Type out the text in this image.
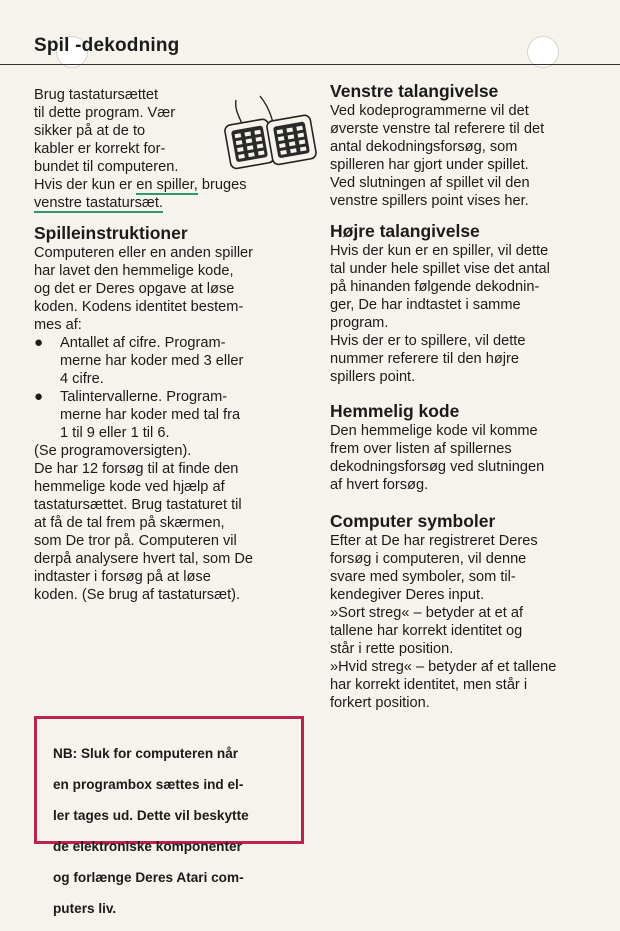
Spil -dekodning

Brug tastatursættet

til dette program. Vær

sikker på at de to

kabler er korrekt for-

bundet til computeren.

Hvis der kun er en spiller, bruges

venstre tastatursæt.

Spilleinstruktioner

Computeren eller en anden spiller

har lavet den hemmelige kode,

og det er Deres opgave at løse

koden. Kodens identitet bestem-

mes af:

●	Antallet af cifre. Program-

merne har koder med 3 eller

4 cifre.

●	Talintervallerne. Program-

merne har koder med tal fra

1 til 9 eller 1 til 6.

(Se programoversigten).

De har 12 forsøg til at finde den

hemmelige kode ved hjælp af

tastatursættet. Brug tastaturet til

at få de tal frem på skærmen,

som De tror på. Computeren vil

derpå analysere hvert tal, som De

indtaster i forsøg på at løse

koden. (Se brug af tastatursæt).

NB: Sluk for computeren når

en programbox sættes ind el-

ler tages ud. Dette vil beskytte

de elektroniske komponenter

og forlænge Deres Atari com-

puters liv.

Venstre talangivelse

Ved kodeprogrammerne vil det

øverste venstre tal referere til det

antal dekodningsforsøg, som

spilleren har gjort under spillet.

Ved slutningen af spillet vil den

venstre spillers point vises her.

Højre talangivelse

Hvis der kun er en spiller, vil dette

tal under hele spillet vise det antal

på hinanden følgende dekodnin-

ger, De har indtastet i samme

program.

Hvis der er to spillere, vil dette

nummer referere til den højre

spillers point.

Hemmelig kode

Den hemmelige kode vil komme

frem over listen af spillernes

dekodningsforsøg ved slutningen

af hvert forsøg.

Computer symboler

Efter at De har registreret Deres

forsøg i computeren, vil denne

svare med symboler, som til-

kendegiver Deres input.

»Sort streg« – betyder at et af

tallene har korrekt identitet og

står i rette position.

»Hvid streg« – betyder af et tallene

har korrekt identitet, men står i

forkert position.
